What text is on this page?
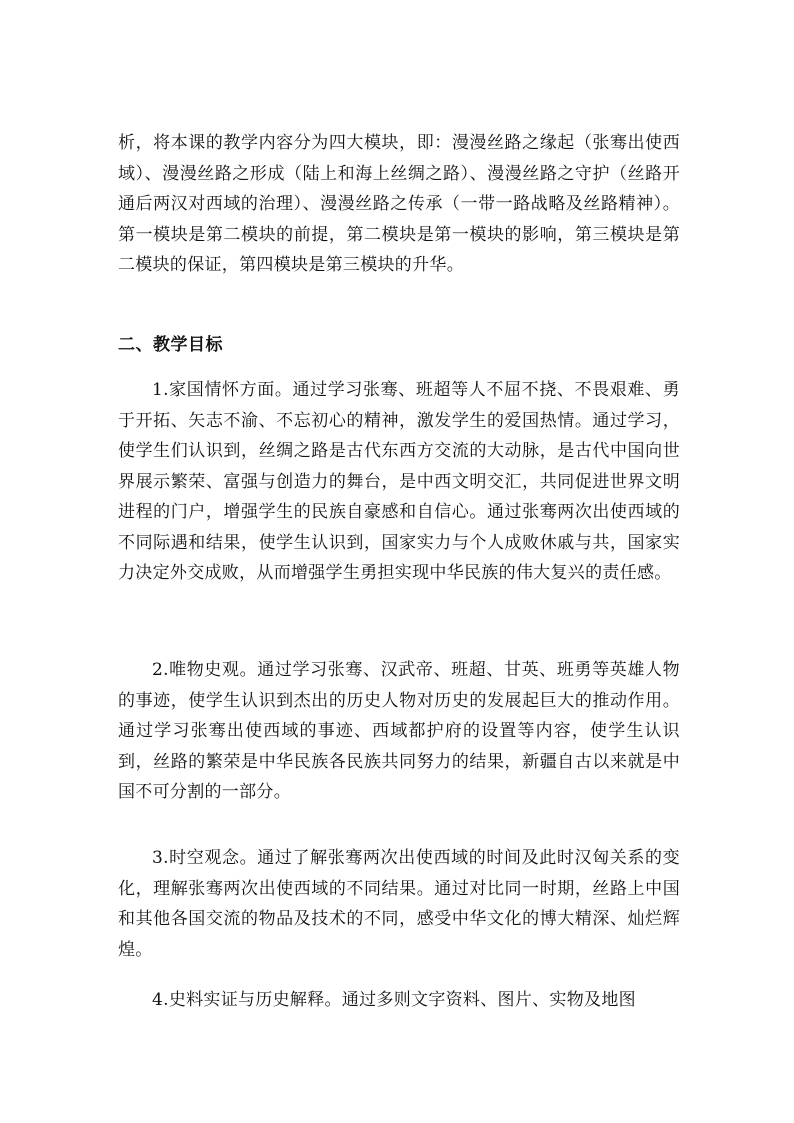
析，将本课的教学内容分为四大模块，即：漫漫丝路之缘起（张骞出使西域）、漫漫丝路之形成（陆上和海上丝绸之路）、漫漫丝路之守护（丝路开通后两汉对西域的治理）、漫漫丝路之传承（一带一路战略及丝路精神）。第一模块是第二模块的前提，第二模块是第一模块的影响，第三模块是第二模块的保证，第四模块是第三模块的升华。

二、教学目标

1.家国情怀方面。通过学习张骞、班超等人不屈不挠、不畏艰难、勇于开拓、矢志不渝、不忘初心的精神，激发学生的爱国热情。通过学习，使学生们认识到，丝绸之路是古代东西方交流的大动脉，是古代中国向世界展示繁荣、富强与创造力的舞台，是中西文明交汇，共同促进世界文明进程的门户，增强学生的民族自豪感和自信心。通过张骞两次出使西域的不同际遇和结果，使学生认识到，国家实力与个人成败休戚与共，国家实力决定外交成败，从而增强学生勇担实现中华民族的伟大复兴的责任感。

2.唯物史观。通过学习张骞、汉武帝、班超、甘英、班勇等英雄人物的事迹，使学生认识到杰出的历史人物对历史的发展起巨大的推动作用。通过学习张骞出使西域的事迹、西域都护府的设置等内容，使学生认识到，丝路的繁荣是中华民族各民族共同努力的结果，新疆自古以来就是中国不可分割的一部分。

3.时空观念。通过了解张骞两次出使西域的时间及此时汉匈关系的变化，理解张骞两次出使西域的不同结果。通过对比同一时期，丝路上中国和其他各国交流的物品及技术的不同，感受中华文化的博大精深、灿烂辉煌。

4.史料实证与历史解释。通过多则文字资料、图片、实物及地图
